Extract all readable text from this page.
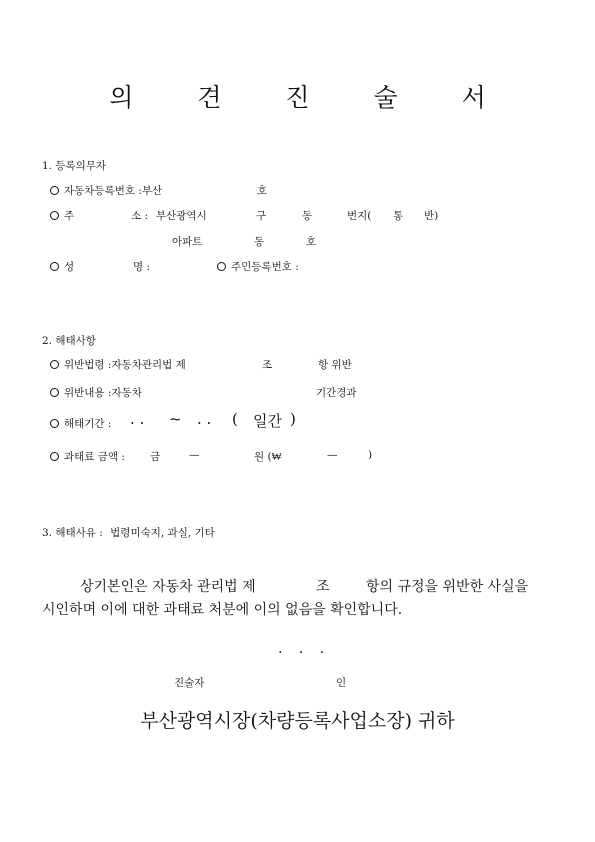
의 견 진 술 서
1. 등록의무자
자동차등록번호 :부산	호
주	소 : 부산광역시	구	동	번지( 통 반)
아파트	동	호
성	명 :	주민등록번호 :
2. 해태사항
위반법령 :자동차관리법 제	조	항 위반
위반내용 :자동차	기간경과
해태기간 : . . ~ . . ( 일간 )
과태료 금액 : 금	—	원 (₩	—	)
3. 해태사유 : 법령미숙지, 과실, 기타
상기본인은 자동차 관리법 제	조	항의 규정을 위반한 사실을
시인하며 이에 대한 과태료 처분에 이의 없음을 확인합니다.
. . .
진술자	인
부산광역시장(차량등록사업소장) 귀하
